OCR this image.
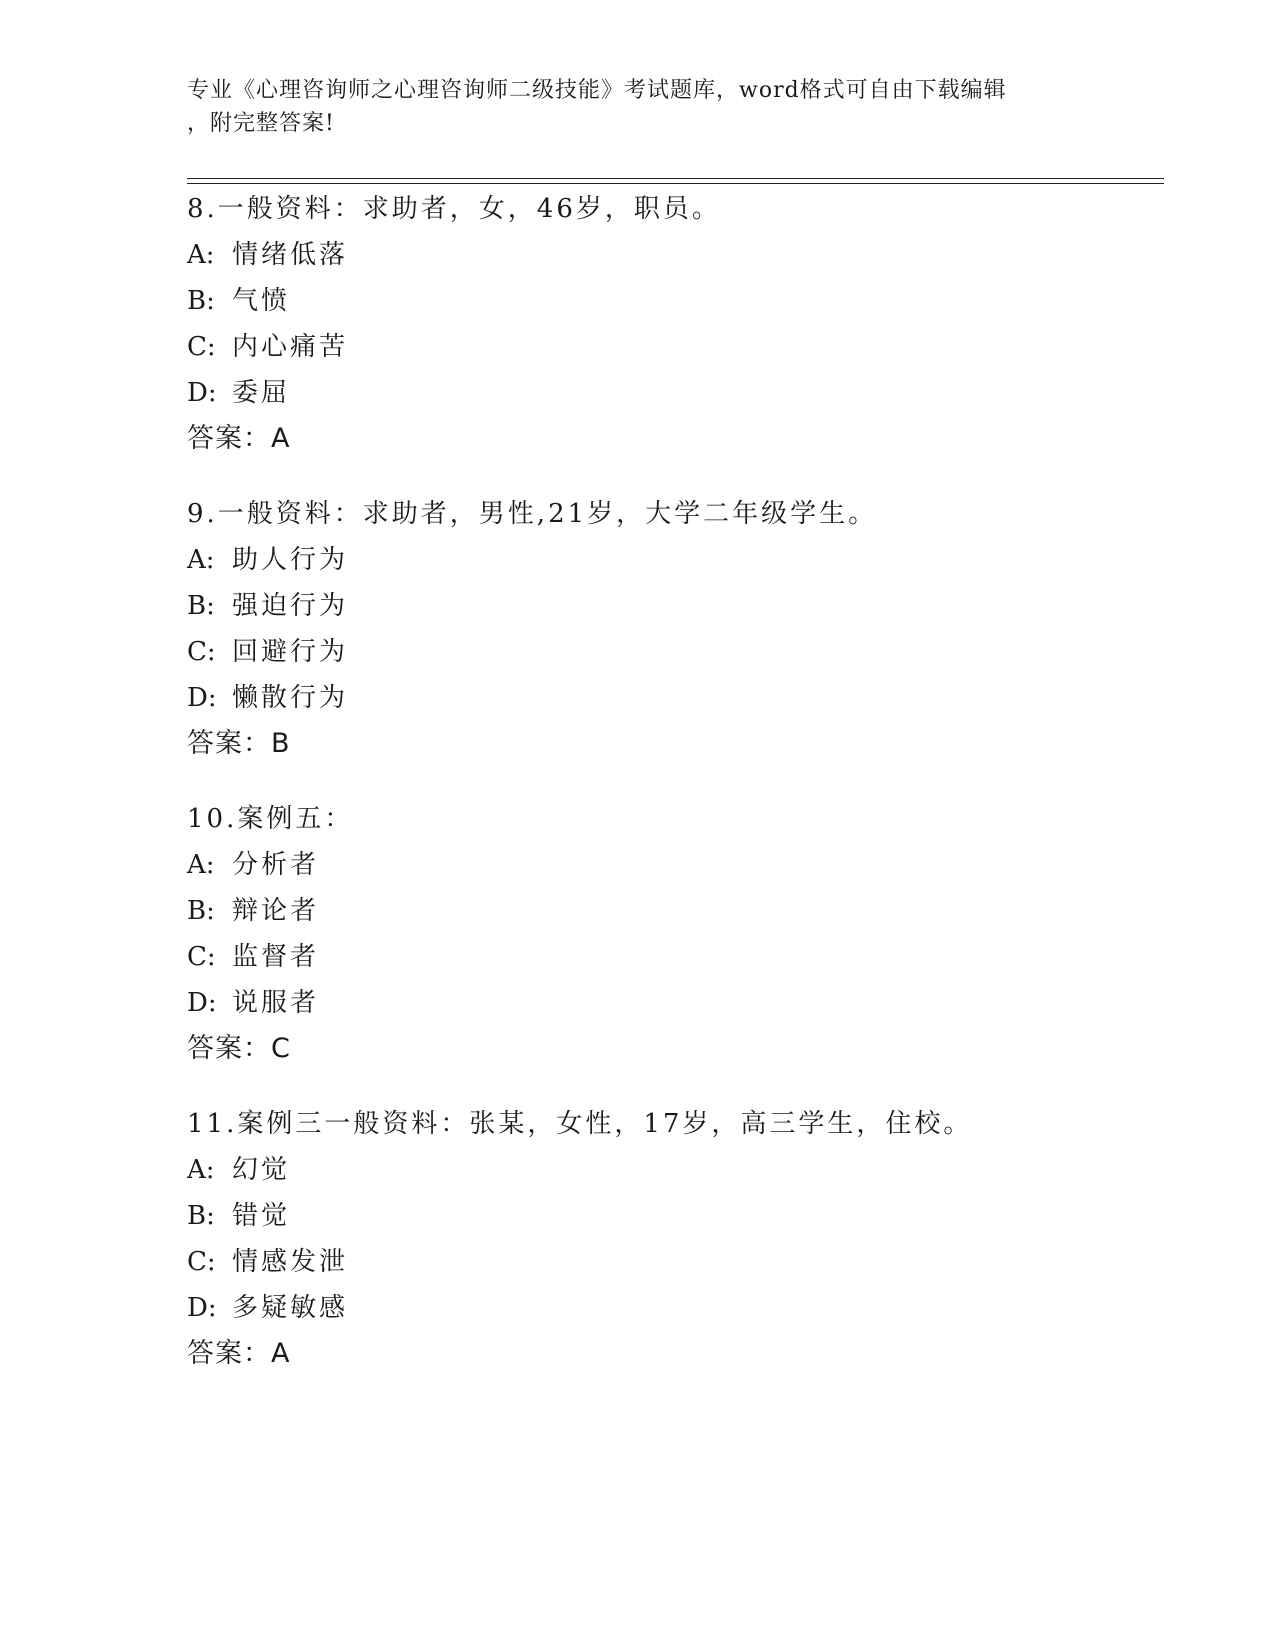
专业《心理咨询师之心理咨询师二级技能》考试题库，word格式可自由下载编辑
，附完整答案!
8.一般资料：求助者，女，46岁，职员。
A: 情绪低落
B: 气愤
C: 内心痛苦
D: 委屈
答案：A
9.一般资料：求助者，男性,21岁，大学二年级学生。
A: 助人行为
B: 强迫行为
C: 回避行为
D: 懒散行为
答案：B
10.案例五：
A: 分析者
B: 辩论者
C: 监督者
D: 说服者
答案：C
11.案例三一般资料：张某，女性，17岁，高三学生，住校。
A: 幻觉
B: 错觉
C: 情感发泄
D: 多疑敏感
答案：A
